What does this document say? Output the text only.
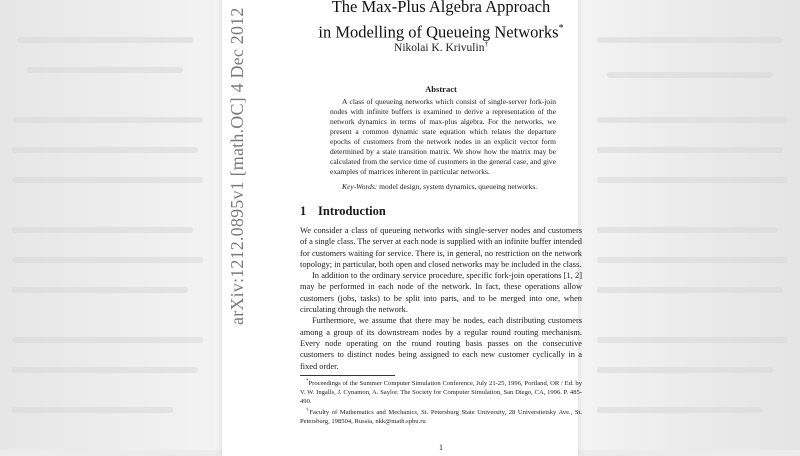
arXiv:1212.0895v1 [math.OC] 4 Dec 2012
The Max-Plus Algebra Approach
in Modelling of Queueing Networks*
Nikolai K. Krivulin†
Abstract
A class of queueing networks which consist of single-server fork-join nodes with infinite buffers is examined to derive a representation of the network dynamics in terms of max-plus algebra. For the networks, we present a common dynamic state equation which relates the departure epochs of customers from the network nodes in an explicit vector form determined by a state transition matrix. We show how the matrix may be calculated from the service time of customers in the general case, and give examples of matrices inherent in particular networks.
Key-Words: model design, system dynamics, queueing networks.
1 Introduction

We consider a class of queueing networks with single-server nodes and customers of a single class. The server at each node is supplied with an infinite buffer intended for customers waiting for service. There is, in general, no restriction on the network topology; in particular, both open and closed networks may be included in the class.

In addition to the ordinary service procedure, specific fork-join operations [1, 2] may be performed in each node of the network. In fact, these operations allow customers (jobs, tasks) to be split into parts, and to be merged into one, when circulating through the network.

Furthermore, we assume that there may be nodes, each distributing customers among a group of its downstream nodes by a regular round routing mechanism. Every node operating on the round routing basis passes on the consecutive customers to distinct nodes being assigned to each new customer cyclically in a fixed order.

*Proceedings of the Summer Computer Simulation Conference, July 21-25, 1996, Portland, OR / Ed. by V. W. Ingalls, J. Cynamon, A. Saylor. The Society for Computer Simulation, San Diego, CA, 1996. P. 485-490.

†Faculty of Mathematics and Mechanics, St. Petersburg State University, 28 Universitetsky Ave., St. Petersburg, 198504, Russia, nkk@math.spbu.ru

1
